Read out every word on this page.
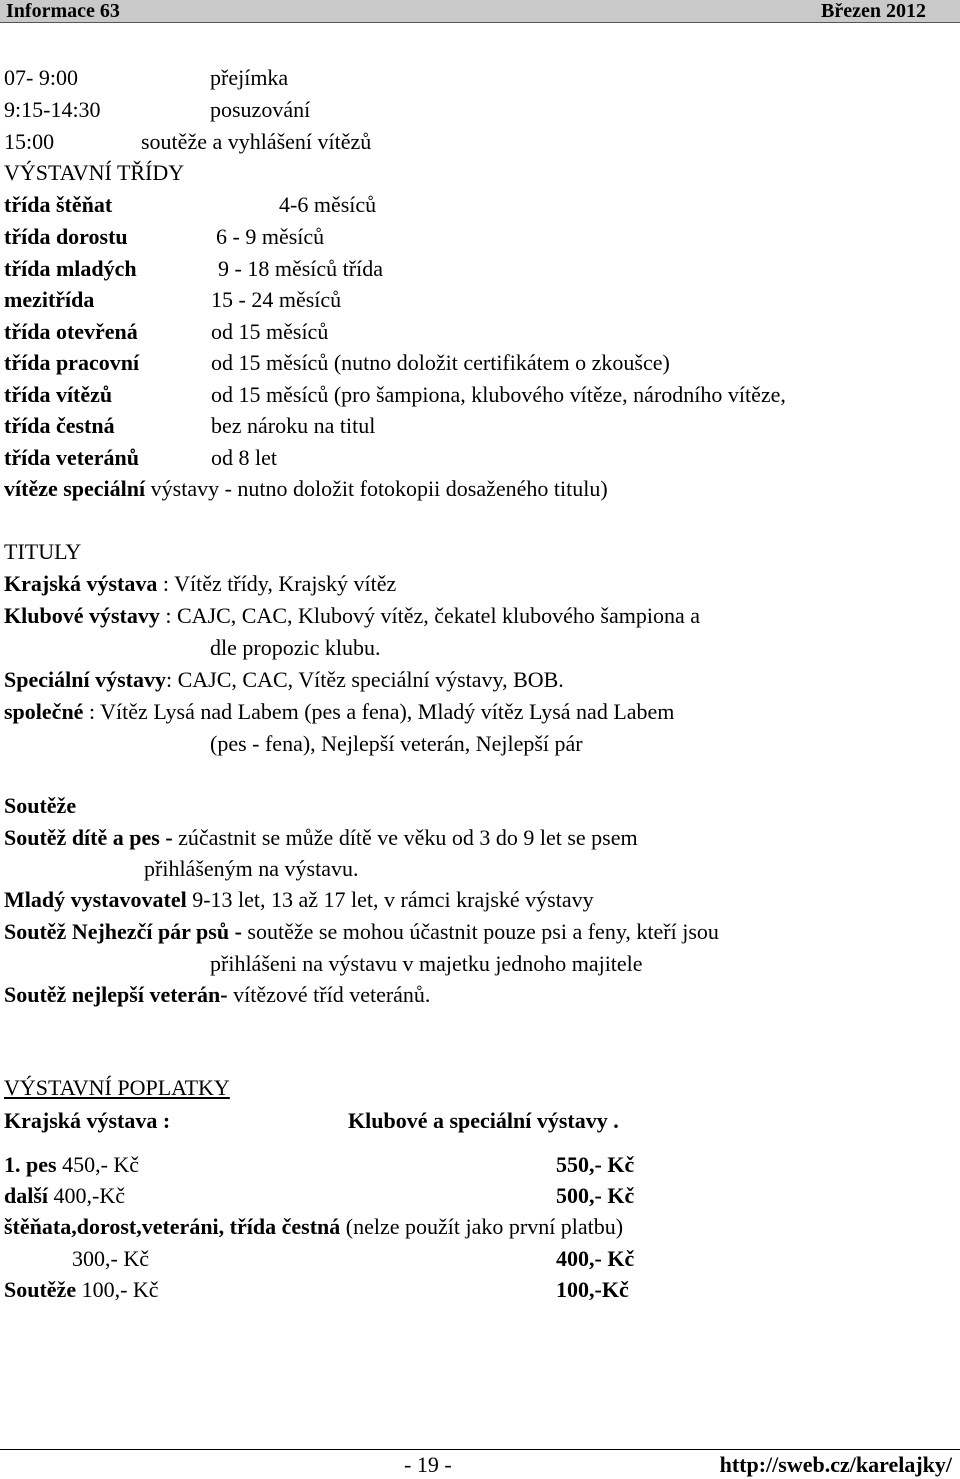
Informace 63	Březen 2012
07- 9:00	přejímka
9:15-14:30	posuzování
15:00	soutěže a vyhlášení vítězů
VÝSTAVNÍ TŘÍDY
třída štěňat	4-6 měsíců
třída dorostu	6 - 9 měsíců
třída mladých	9 - 18 měsíců třída
mezitřída	15 - 24 měsíců
třída otevřená	od 15 měsíců
třída pracovní	od 15 měsíců (nutno doložit certifikátem o zkoušce)
třída vítězů	od 15 měsíců (pro šampiona, klubového vítěze, národního vítěze,
třída čestná	bez nároku na titul
třída veteránů	od 8 let
vítěze speciální výstavy - nutno doložit fotokopii dosaženého titulu)
TITULY
Krajská výstava : Vítěz třídy, Krajský vítěz
Klubové výstavy : CAJC, CAC, Klubový vítěz, čekatel klubového šampiona a
dle propozic klubu.
Speciální výstavy: CAJC, CAC, Vítěz speciální výstavy, BOB.
společné : Vítěz Lysá nad Labem (pes a fena), Mladý vítěz Lysá nad Labem
(pes - fena), Nejlepší veterán, Nejlepší pár
Soutěže
Soutěž dítě a pes - zúčastnit se může dítě ve věku od 3 do 9 let se psem
přihlášeným na výstavu.
Mladý vystavovatel 9-13 let, 13 až 17 let, v rámci krajské výstavy
Soutěž Nejhezčí pár psů - soutěže se mohou účastnit pouze psi a feny, kteří jsou
přihlášeni na výstavu v majetku jednoho majitele
Soutěž nejlepší veterán- vítězové tříd veteránů.
VÝSTAVNÍ POPLATKY
Krajská výstava :	Klubové a speciální výstavy .
1. pes 450,- Kč	550,- Kč
další 400,-Kč	500,- Kč
štěňata,dorost,veteráni, třída čestná (nelze použít jako první platbu)
300,- Kč	400,- Kč
Soutěže 100,- Kč	100,-Kč
- 19 -	http://sweb.cz/karelajky/
